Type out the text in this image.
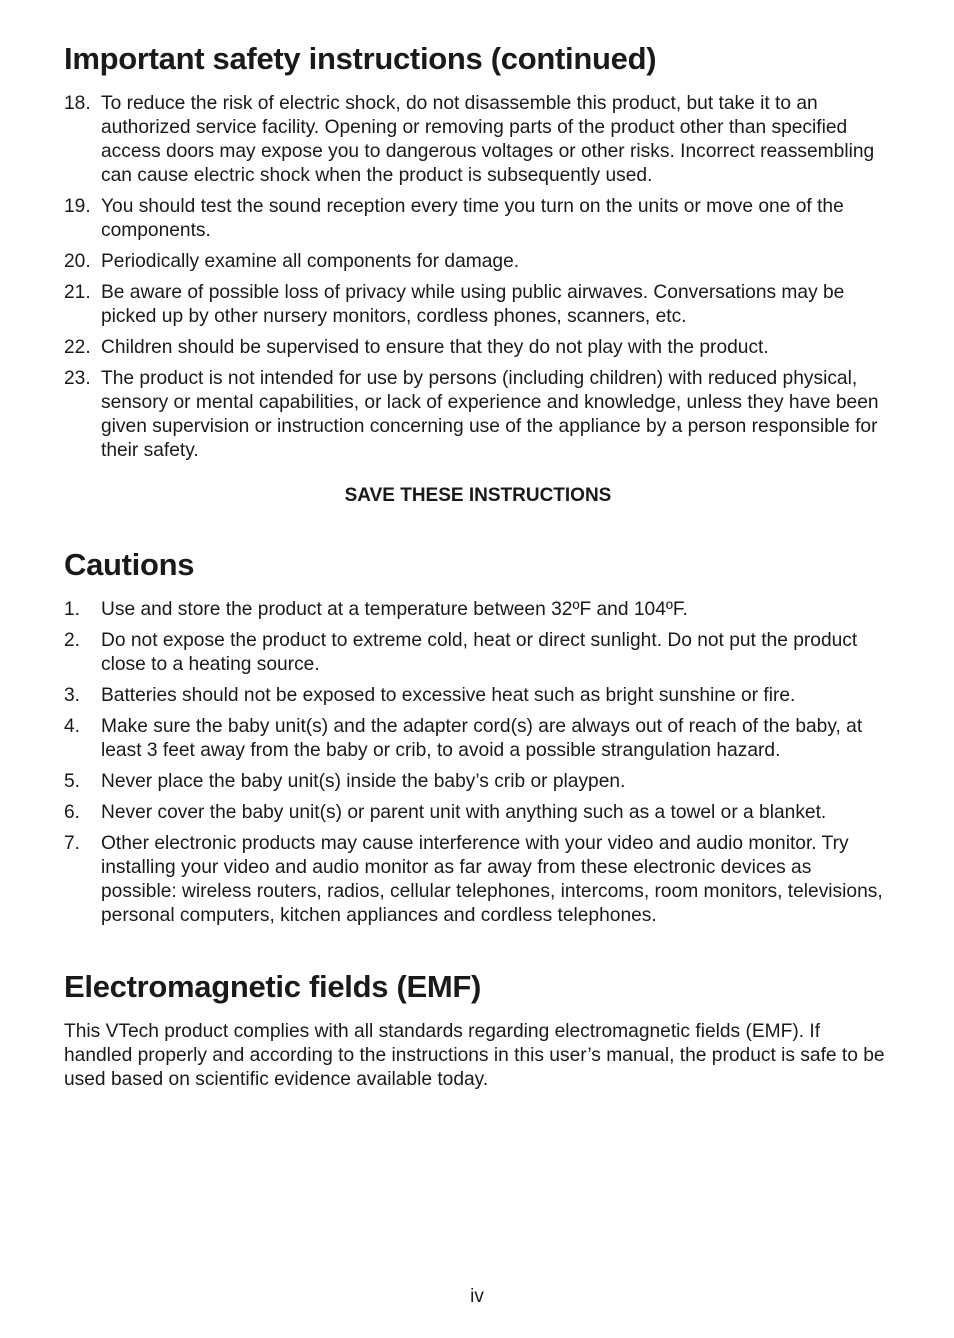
Important safety instructions (continued)
18. To reduce the risk of electric shock, do not disassemble this product, but take it to an authorized service facility. Opening or removing parts of the product other than specified access doors may expose you to dangerous voltages or other risks. Incorrect reassembling can cause electric shock when the product is subsequently used.
19. You should test the sound reception every time you turn on the units or move one of the components.
20. Periodically examine all components for damage.
21. Be aware of possible loss of privacy while using public airwaves. Conversations may be picked up by other nursery monitors, cordless phones, scanners, etc.
22. Children should be supervised to ensure that they do not play with the product.
23. The product is not intended for use by persons (including children) with reduced physical, sensory or mental capabilities, or lack of experience and knowledge, unless they have been given supervision or instruction concerning use of the appliance by a person responsible for their safety.

SAVE THESE INSTRUCTIONS

Cautions
1. Use and store the product at a temperature between 32ºF and 104ºF.
2. Do not expose the product to extreme cold, heat or direct sunlight. Do not put the product close to a heating source.
3. Batteries should not be exposed to excessive heat such as bright sunshine or fire.
4. Make sure the baby unit(s) and the adapter cord(s) are always out of reach of the baby, at least 3 feet away from the baby or crib, to avoid a possible strangulation hazard.
5. Never place the baby unit(s) inside the baby’s crib or playpen.
6. Never cover the baby unit(s) or parent unit with anything such as a towel or a blanket.
7. Other electronic products may cause interference with your video and audio monitor. Try installing your video and audio monitor as far away from these electronic devices as possible: wireless routers, radios, cellular telephones, intercoms, room monitors, televisions, personal computers, kitchen appliances and cordless telephones.
Electromagnetic fields (EMF)

This VTech product complies with all standards regarding electromagnetic fields (EMF). If handled properly and according to the instructions in this user’s manual, the product is safe to be used based on scientific evidence available today.

iv
